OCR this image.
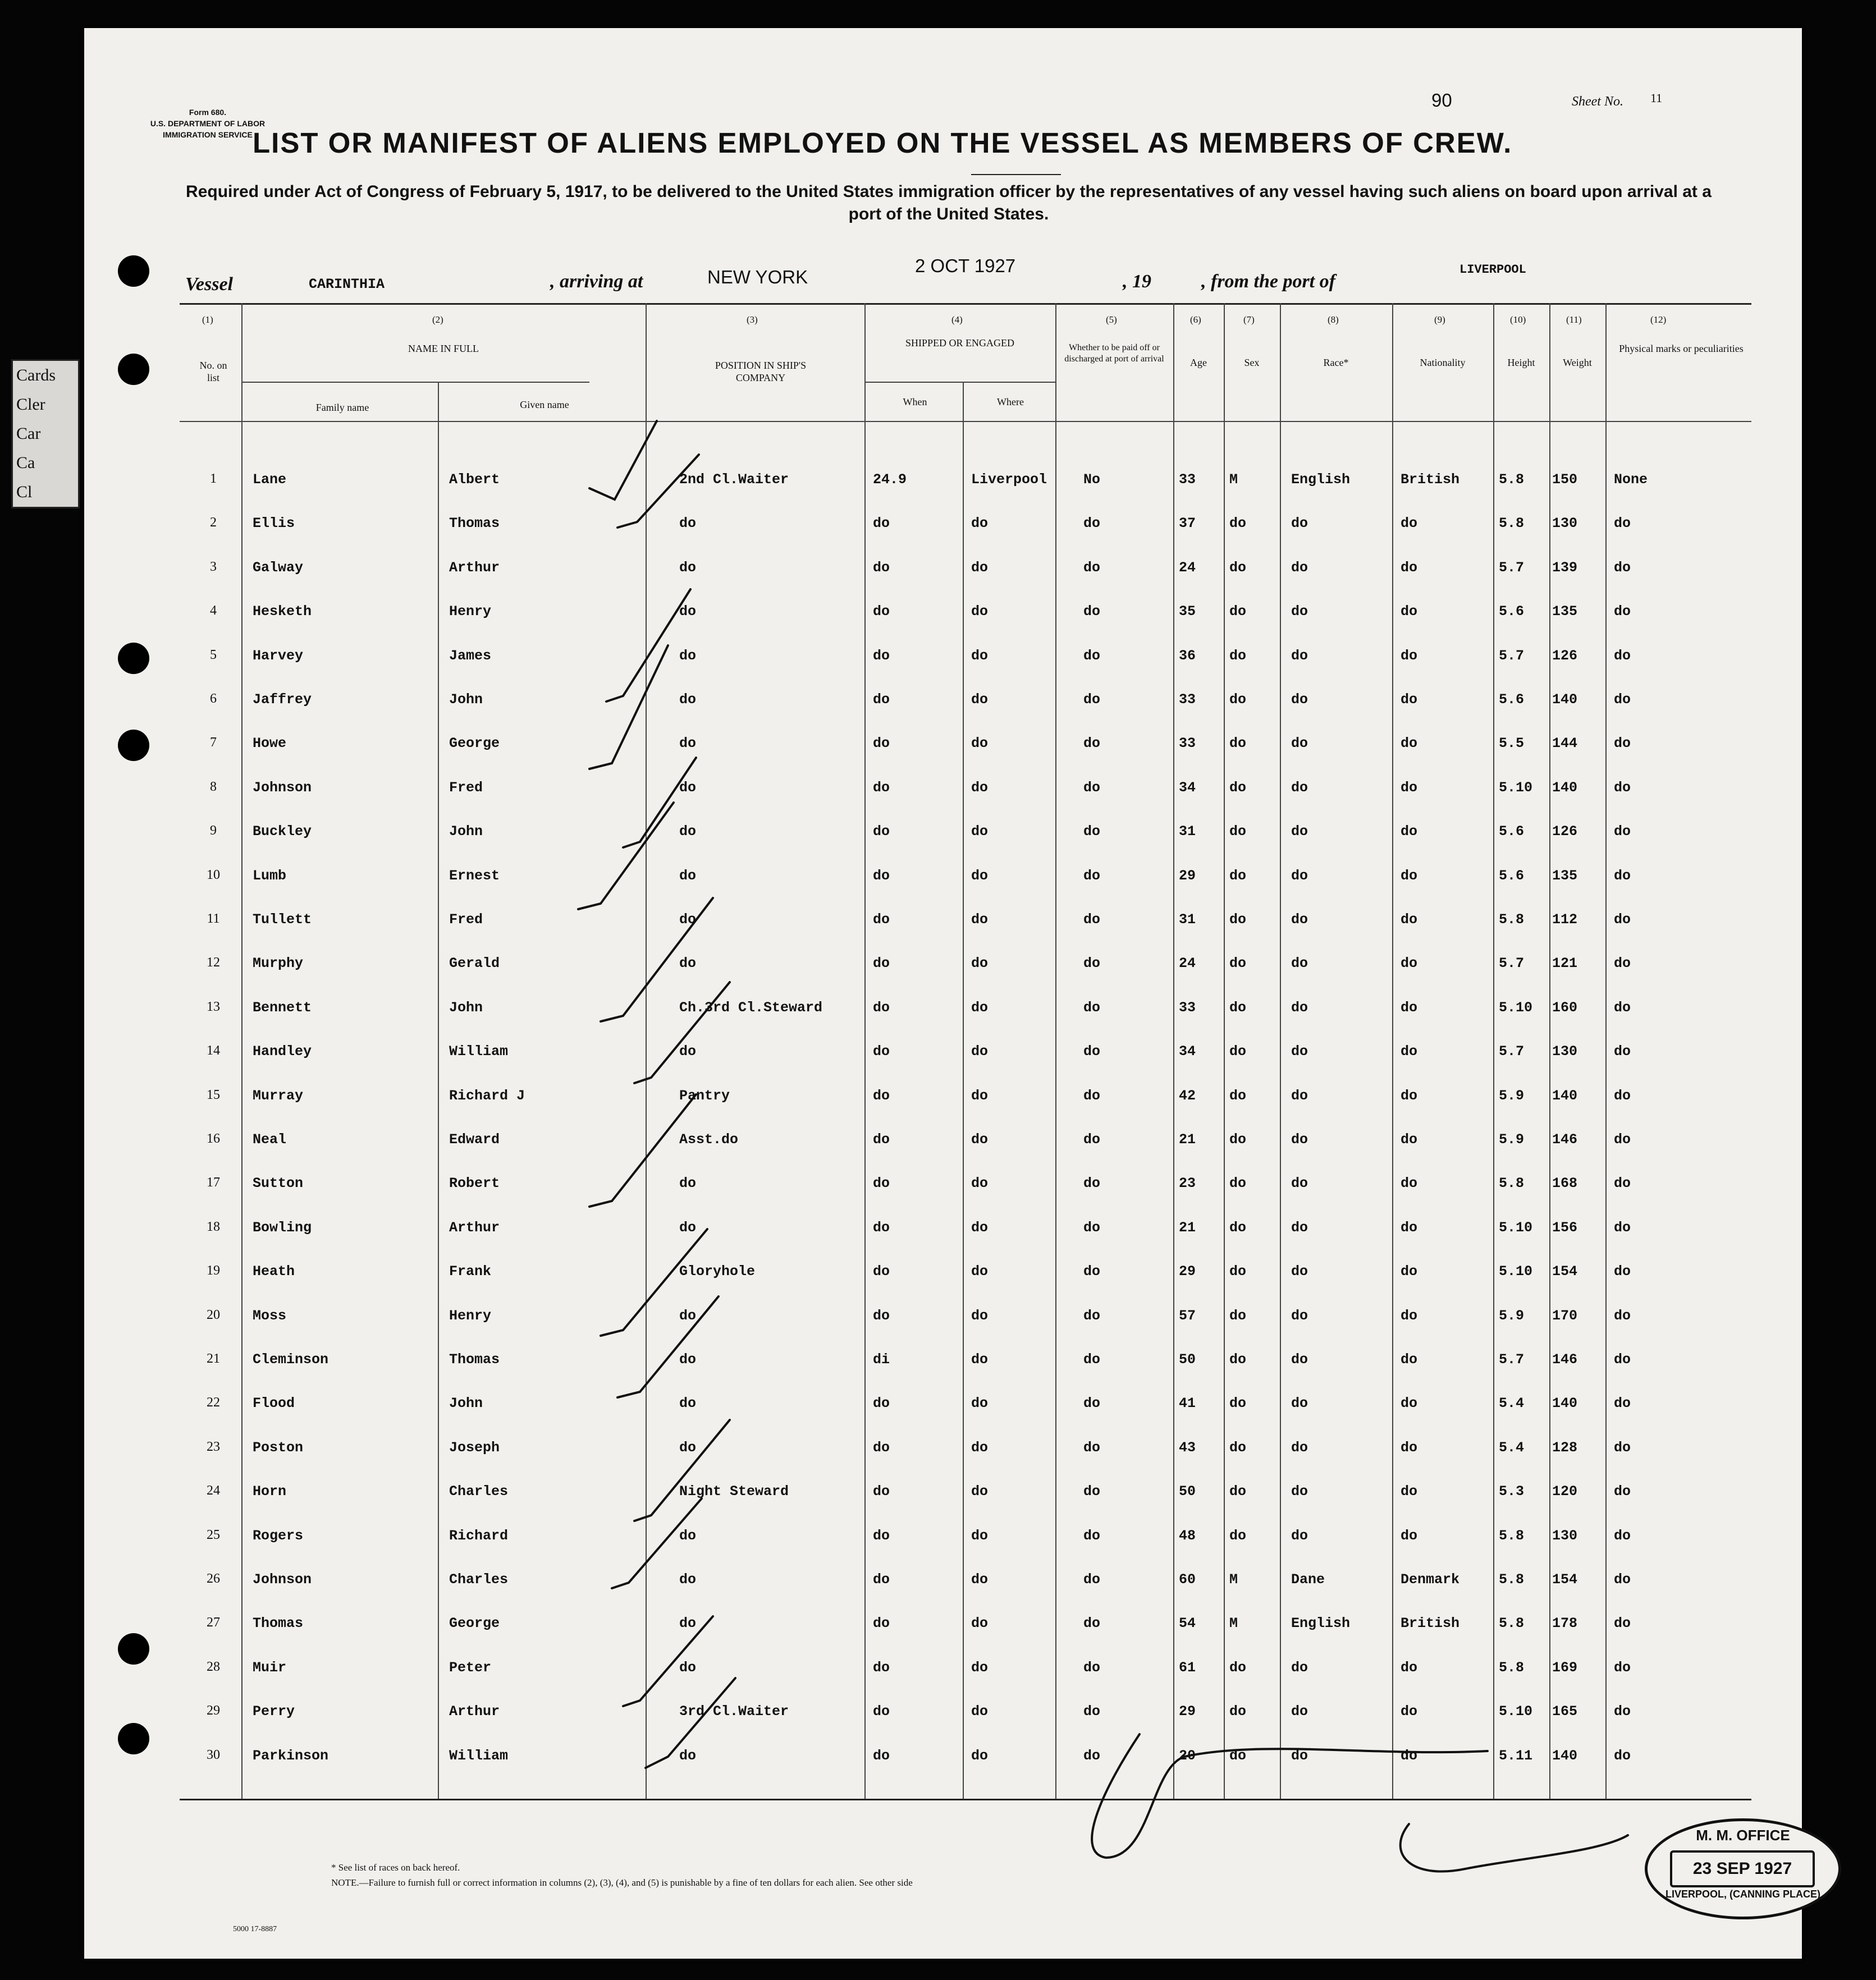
Cards
Cler
Car
Ca
Cl
Form 680.
U.S. DEPARTMENT OF LABOR
IMMIGRATION SERVICE
90	Sheet No. 11
LIST OR MANIFEST OF ALIENS EMPLOYED ON THE VESSEL AS MEMBERS OF CREW.
Required under Act of Congress of February 5, 1917, to be delivered to the United States immigration officer by the representatives of any vessel having such aliens on board upon arrival at a port of the United States.
Vessel	CARINTHIA	, arriving at	NEW YORK
2 OCT 1927
, 19	, from the port of
LIVERPOOL
(1)	(2)	(3)	(4)	(5)	(6)	(7)	(8)	(9)	(10)	(11)	(12)
No. on list
NAME IN FULL
Family name	Given name
POSITION IN SHIP'S COMPANY
SHIPPED OR ENGAGED
When	Where
Whether to be paid off or discharged at port of arrival	Age	Sex	Race*	Nationality	Height	Weight
Physical marks or peculiarities
1	Lane	Albert	2nd Cl.Waiter	24.9	Liverpool	No	33	M	English	British	5.8	150	None
2	Ellis	Thomas	do	do	do	do	37	do	do	do	5.8	130	do
3	Galway	Arthur	do	do	do	do	24	do	do	do	5.7	139	do
4	Hesketh	Henry	do	do	do	do	35	do	do	do	5.6	135	do
5	Harvey	James	do	do	do	do	36	do	do	do	5.7	126	do
6	Jaffrey	John	do	do	do	do	33	do	do	do	5.6	140	do
7	Howe	George	do	do	do	do	33	do	do	do	5.5	144	do
8	Johnson	Fred	do	do	do	do	34	do	do	do	5.10	140	do
9	Buckley	John	do	do	do	do	31	do	do	do	5.6	126	do
10	Lumb	Ernest	do	do	do	do	29	do	do	do	5.6	135	do
11	Tullett	Fred	do	do	do	do	31	do	do	do	5.8	112	do
12	Murphy	Gerald	do	do	do	do	24	do	do	do	5.7	121	do
13	Bennett	John	Ch.3rd Cl.Steward	do	do	do	33	do	do	do	5.10	160	do
14	Handley	William	do	do	do	do	34	do	do	do	5.7	130	do
15	Murray	Richard J	Pantry	do	do	do	42	do	do	do	5.9	140	do
16	Neal	Edward	Asst.do	do	do	do	21	do	do	do	5.9	146	do
17	Sutton	Robert	do	do	do	do	23	do	do	do	5.8	168	do
18	Bowling	Arthur	do	do	do	do	21	do	do	do	5.10	156	do
19	Heath	Frank	Gloryhole	do	do	do	29	do	do	do	5.10	154	do
20	Moss	Henry	do	do	do	do	57	do	do	do	5.9	170	do
21	Cleminson	Thomas	do	di	do	do	50	do	do	do	5.7	146	do
22	Flood	John	do	do	do	do	41	do	do	do	5.4	140	do
23	Poston	Joseph	do	do	do	do	43	do	do	do	5.4	128	do
24	Horn	Charles	Night Steward	do	do	do	50	do	do	do	5.3	120	do
25	Rogers	Richard	do	do	do	do	48	do	do	do	5.8	130	do
26	Johnson	Charles	do	do	do	do	60	M	Dane	Denmark	5.8	154	do
27	Thomas	George	do	do	do	do	54	M	English	British	5.8	178	do
28	Muir	Peter	do	do	do	do	61	do	do	do	5.8	169	do
29	Perry	Arthur	3rd Cl.Waiter	do	do	do	29	do	do	do	5.10	165	do
30	Parkinson	William	do	do	do	do	20	do	do	do	5.11	140	do
* See list of races on back hereof.
NOTE.—Failure to furnish full or correct information in columns (2), (3), (4), and (5) is punishable by a fine of ten dollars for each alien. See other side
5000 17-8887
M. M. OFFICE
23 SEP 1927
LIVERPOOL, (CANNING PLACE)
